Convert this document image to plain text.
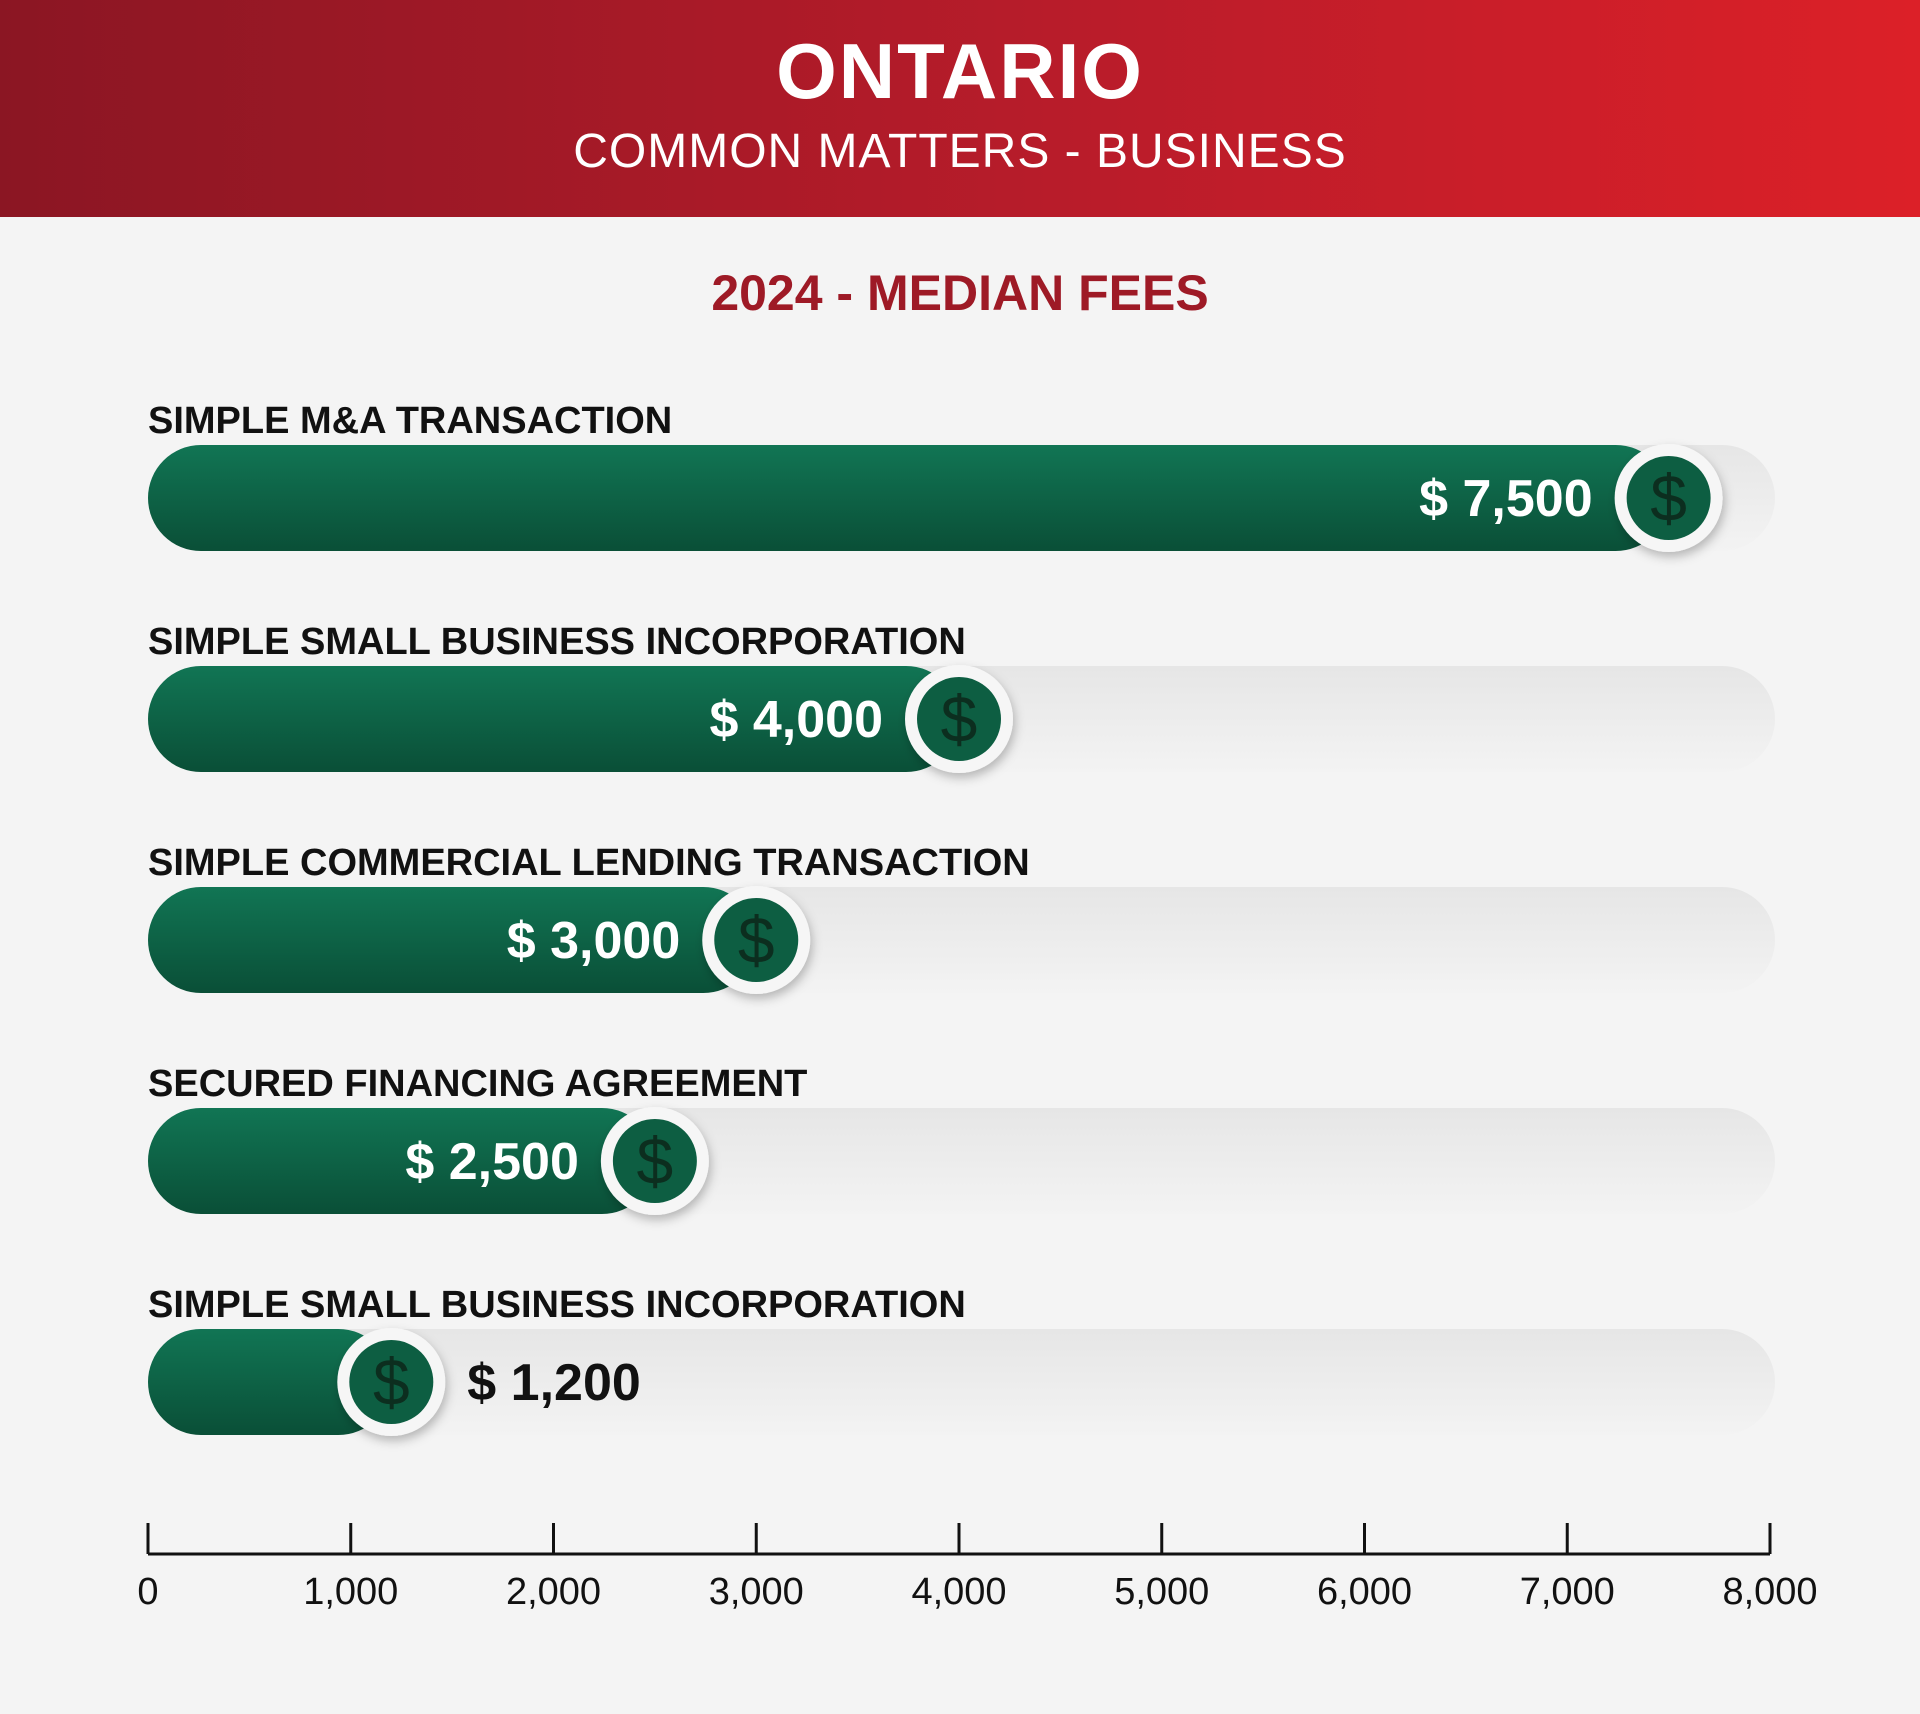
ONTARIO
COMMON MATTERS - BUSINESS
2024 - MEDIAN FEES
SIMPLE M&A TRANSACTION
$
$ 7,500
SIMPLE SMALL BUSINESS INCORPORATION
$
$ 4,000
SIMPLE COMMERCIAL LENDING TRANSACTION
$
$ 3,000
SECURED FINANCING AGREEMENT
$
$ 2,500
SIMPLE SMALL BUSINESS INCORPORATION
$ $ 1,200
0	1,000	2,000	3,000	4,000	5,000	6,000	7,000	8,000
